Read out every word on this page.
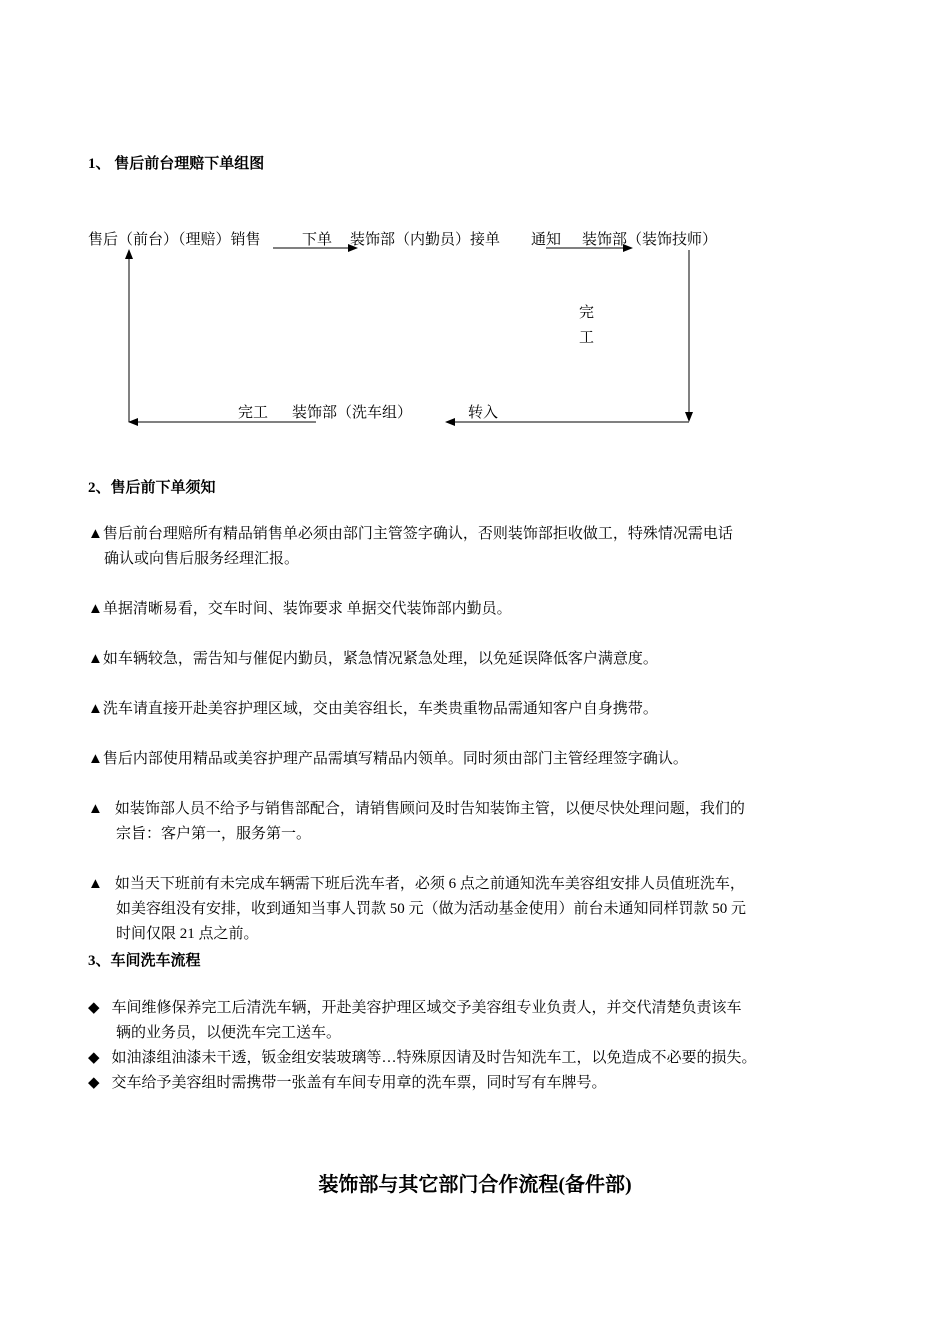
1、 售后前台理赔下单组图
售后（前台）（理赔）销售	下单 装饰部（内勤员）接单 通知 装饰部（装饰技师）
完
工
转入
装饰部（洗车组）
完工
2、售后前下单须知
▲售后前台理赔所有精品销售单必须由部门主管签字确认，否则装饰部拒收做工，特殊情况需电话
确认或向售后服务经理汇报。
▲单据清晰易看，交车时间、装饰要求 单据交代装饰部内勤员。
▲如车辆较急，需告知与催促内勤员，紧急情况紧急处理，以免延误降低客户满意度。
▲洗车请直接开赴美容护理区域，交由美容组长，车类贵重物品需通知客户自身携带。
▲售后内部使用精品或美容护理产品需填写精品内领单。同时须由部门主管经理签字确认。
▲ 如装饰部人员不给予与销售部配合，请销售顾问及时告知装饰主管，以便尽快处理问题，我们的
宗旨：客户第一，服务第一。
▲ 如当天下班前有未完成车辆需下班后洗车者，必须 6 点之前通知洗车美容组安排人员值班洗车，
如美容组没有安排，收到通知当事人罚款 50 元（做为活动基金使用）前台未通知同样罚款 50 元
时间仅限 21 点之前。
3、车间洗车流程
◆ 车间维修保养完工后清洗车辆，开赴美容护理区域交予美容组专业负责人，并交代清楚负责该车
辆的业务员，以便洗车完工送车。
◆ 如油漆组油漆未干透，钣金组安装玻璃等…特殊原因请及时告知洗车工，以免造成不必要的损失。
◆ 交车给予美容组时需携带一张盖有车间专用章的洗车票，同时写有车牌号。
装饰部与其它部门合作流程(备件部)
